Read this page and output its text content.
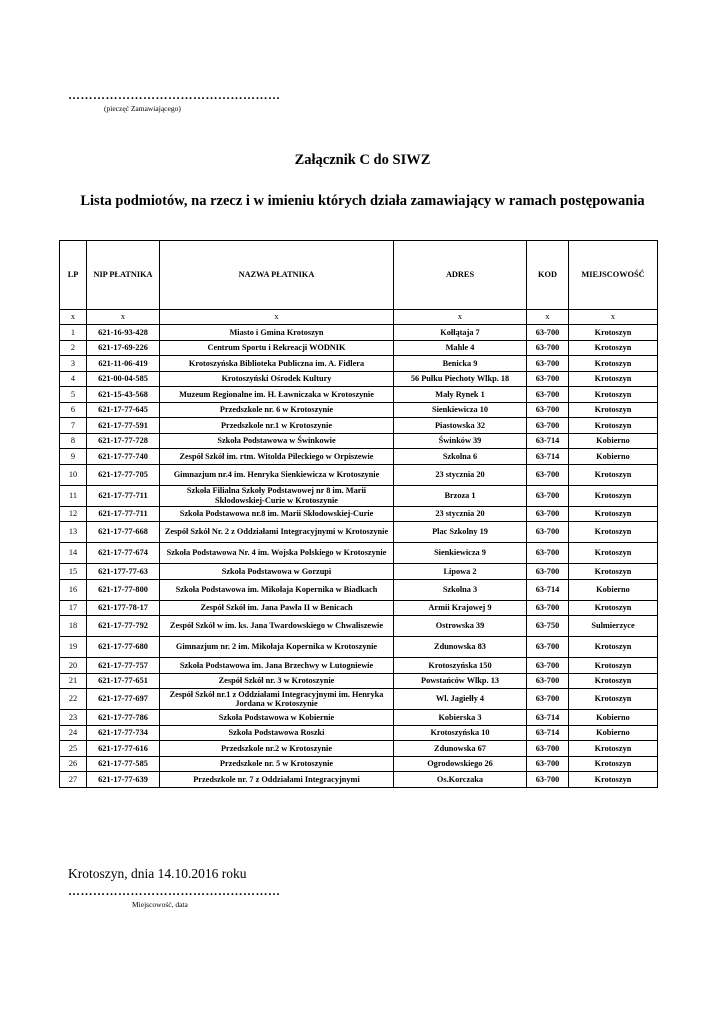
……………………………………………
(pieczęć Zamawiającego)
Załącznik C do SIWZ
Lista podmiotów, na rzecz i w imieniu których działa zamawiający w ramach postępowania
LP	NIP PŁATNIKA	NAZWA PŁATNIKA	ADRES	KOD	MIEJSCOWOŚĆ
x	x	x	x	x	x
1	621-16-93-428	Miasto i Gmina Krotoszyn	Kołłątaja 7	63-700	Krotoszyn
2	621-17-69-226	Centrum Sportu i Rekreacji WODNIK	Mahle 4	63-700	Krotoszyn
3	621-11-06-419	Krotoszyńska Biblioteka Publiczna im. A. Fidlera	Benicka 9	63-700	Krotoszyn
4	621-00-04-585	Krotoszyński Ośrodek Kultury	56 Pułku Piechoty Wlkp. 18	63-700	Krotoszyn
5	621-15-43-568	Muzeum Regionalne im. H. Ławniczaka w Krotoszynie	Mały Rynek 1	63-700	Krotoszyn
6	621-17-77-645	Przedszkole nr. 6 w Krotoszynie	Sienkiewicza 10	63-700	Krotoszyn
7	621-17-77-591	Przedszkole nr.1 w Krotoszynie	Piastowska 32	63-700	Krotoszyn
8	621-17-77-728	Szkoła Podstawowa w Świnkowie	Świnków 39	63-714	Kobierno
9	621-17-77-740	Zespół Szkół im. rtm. Witolda Pileckiego w Orpiszewie	Szkolna 6	63-714	Kobierno
10	621-17-77-705	Gimnazjum nr.4 im. Henryka Sienkiewicza w Krotoszynie	23 stycznia 20	63-700	Krotoszyn
11	621-17-77-711	Szkoła Filialna Szkoły Podstawowej nr 8 im. Marii Skłodowskiej-Curie w Krotoszynie	Brzoza 1	63-700	Krotoszyn
12	621-17-77-711	Szkoła Podstawowa nr.8 im. Marii Skłodowskiej-Curie	23 stycznia 20	63-700	Krotoszyn
13	621-17-77-668	Zespół Szkół Nr. 2 z Oddziałami Integracyjnymi w Krotoszynie	Plac Szkolny 19	63-700	Krotoszyn
14	621-17-77-674	Szkoła Podstawowa Nr. 4 im. Wojska Polskiego w Krotoszynie	Sienkiewicza 9	63-700	Krotoszyn
15	621-177-77-63	Szkoła Podstawowa w Gorzupi	Lipowa 2	63-700	Krotoszyn
16	621-17-77-800	Szkoła Podstawowa im. Mikołaja Kopernika w Biadkach	Szkolna 3	63-714	Kobierno
17	621-177-78-17	Zespół Szkół im. Jana Pawła II w Benicach	Armii Krajowej 9	63-700	Krotoszyn
18	621-17-77-792	Zespół Szkół w im. ks. Jana Twardowskiego w Chwaliszewie	Ostrowska 39	63-750	Sulmierzyce
19	621-17-77-680	Gimnazjum nr. 2 im. Mikołaja Kopernika w Krotoszynie	Zdunowska 83	63-700	Krotoszyn
20	621-17-77-757	Szkoła Podstawowa im. Jana Brzechwy w Lutogniewie	Krotoszyńska 150	63-700	Krotoszyn
21	621-17-77-651	Zespół Szkół nr. 3 w Krotoszynie	Powstańców Wlkp. 13	63-700	Krotoszyn
22	621-17-77-697	Zespół Szkół nr.1 z Oddziałami Integracyjnymi im. Henryka Jordana w Krotoszynie	Wl. Jagiełły 4	63-700	Krotoszyn
23	621-17-77-786	Szkoła Podstawowa w Kobiernie	Kobierska 3	63-714	Kobierno
24	621-17-77-734	Szkoła Podstawowa Roszki	Krotoszyńska 10	63-714	Kobierno
25	621-17-77-616	Przedszkole nr.2 w Krotoszynie	Zdunowska 67	63-700	Krotoszyn
26	621-17-77-585	Przedszkole nr. 5 w Krotoszynie	Ogrodowskiego 26	63-700	Krotoszyn
27	621-17-77-639	Przedszkole nr. 7 z Oddziałami Integracyjnymi	Os.Korczaka	63-700	Krotoszyn
Krotoszyn, dnia 14.10.2016 roku
……………………………………………
Miejscowość, data
